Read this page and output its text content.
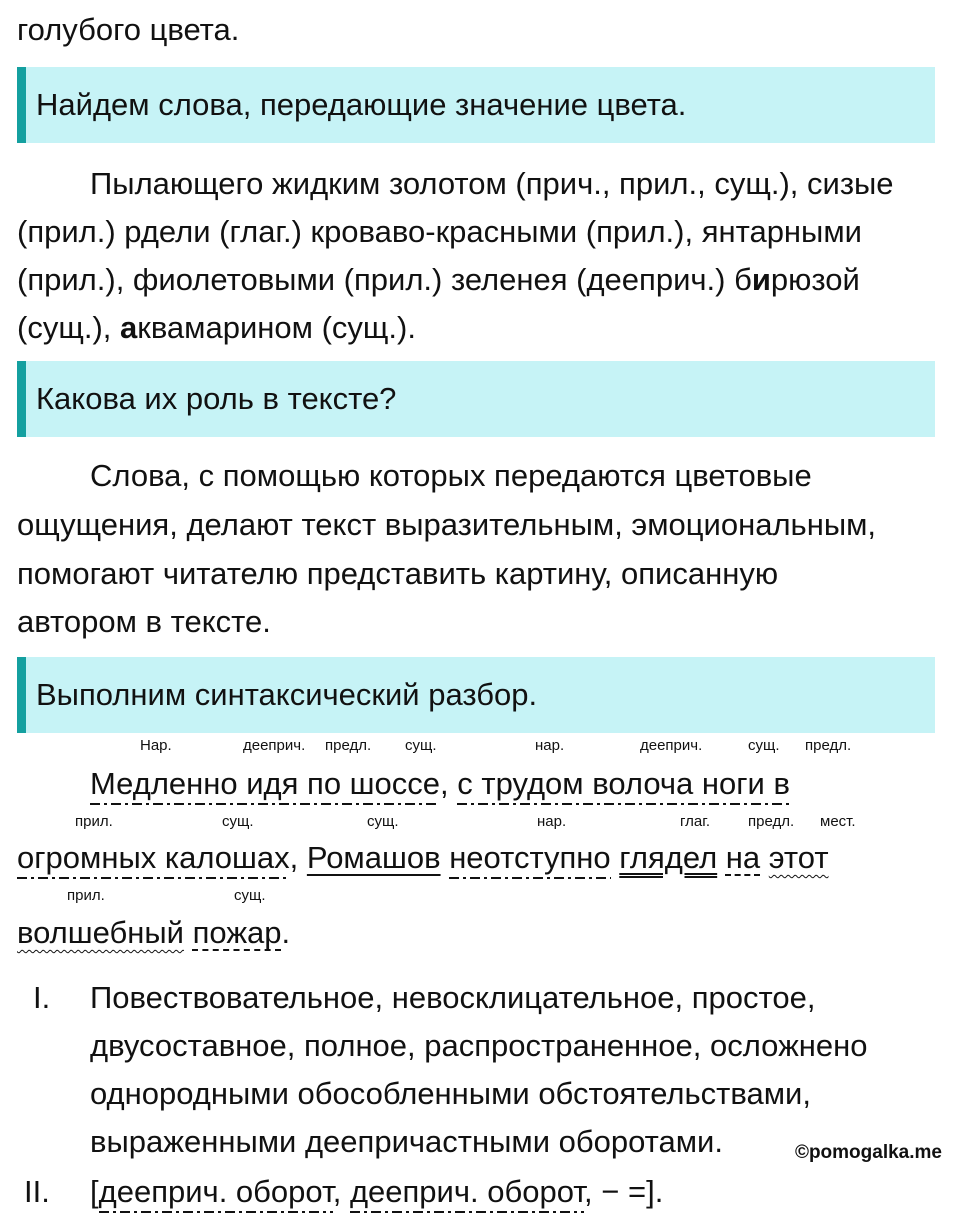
голубого цвета.
Найдем слова, передающие значение цвета.
Пылающего жидким золотом (прич., прил., сущ.), сизые
(прил.) рдели (глаг.) кроваво-красными (прил.), янтарными
(прил.), фиолетовыми (прил.) зеленея (дееприч.) бирюзой
(сущ.), аквамарином (сущ.).
Какова их роль в тексте?
Слова, с помощью которых передаются цветовые
ощущения, делают текст выразительным, эмоциональным,
помогают читателю представить картину, описанную
автором в тексте.
Выполним синтаксический разбор.
Нар.	дееприч. предл. сущ.	нар.	дееприч.	сущ. предл.
Медленно идя по шоссе, с трудом волоча ноги в
прил.	сущ.	сущ.	нар.	глаг.	предл. мест.
огромных калошах, Ромашов неотступно глядел на этот
прил.	сущ.
волшебный пожар.
I. Повествовательное, невосклицательное, простое,
двусоставное, полное, распространенное, осложнено
однородными обособленными обстоятельствами,
выраженными деепричастными оборотами.
II. [дееприч. оборот, дееприч. оборот, − =].
©pomogalka.me
